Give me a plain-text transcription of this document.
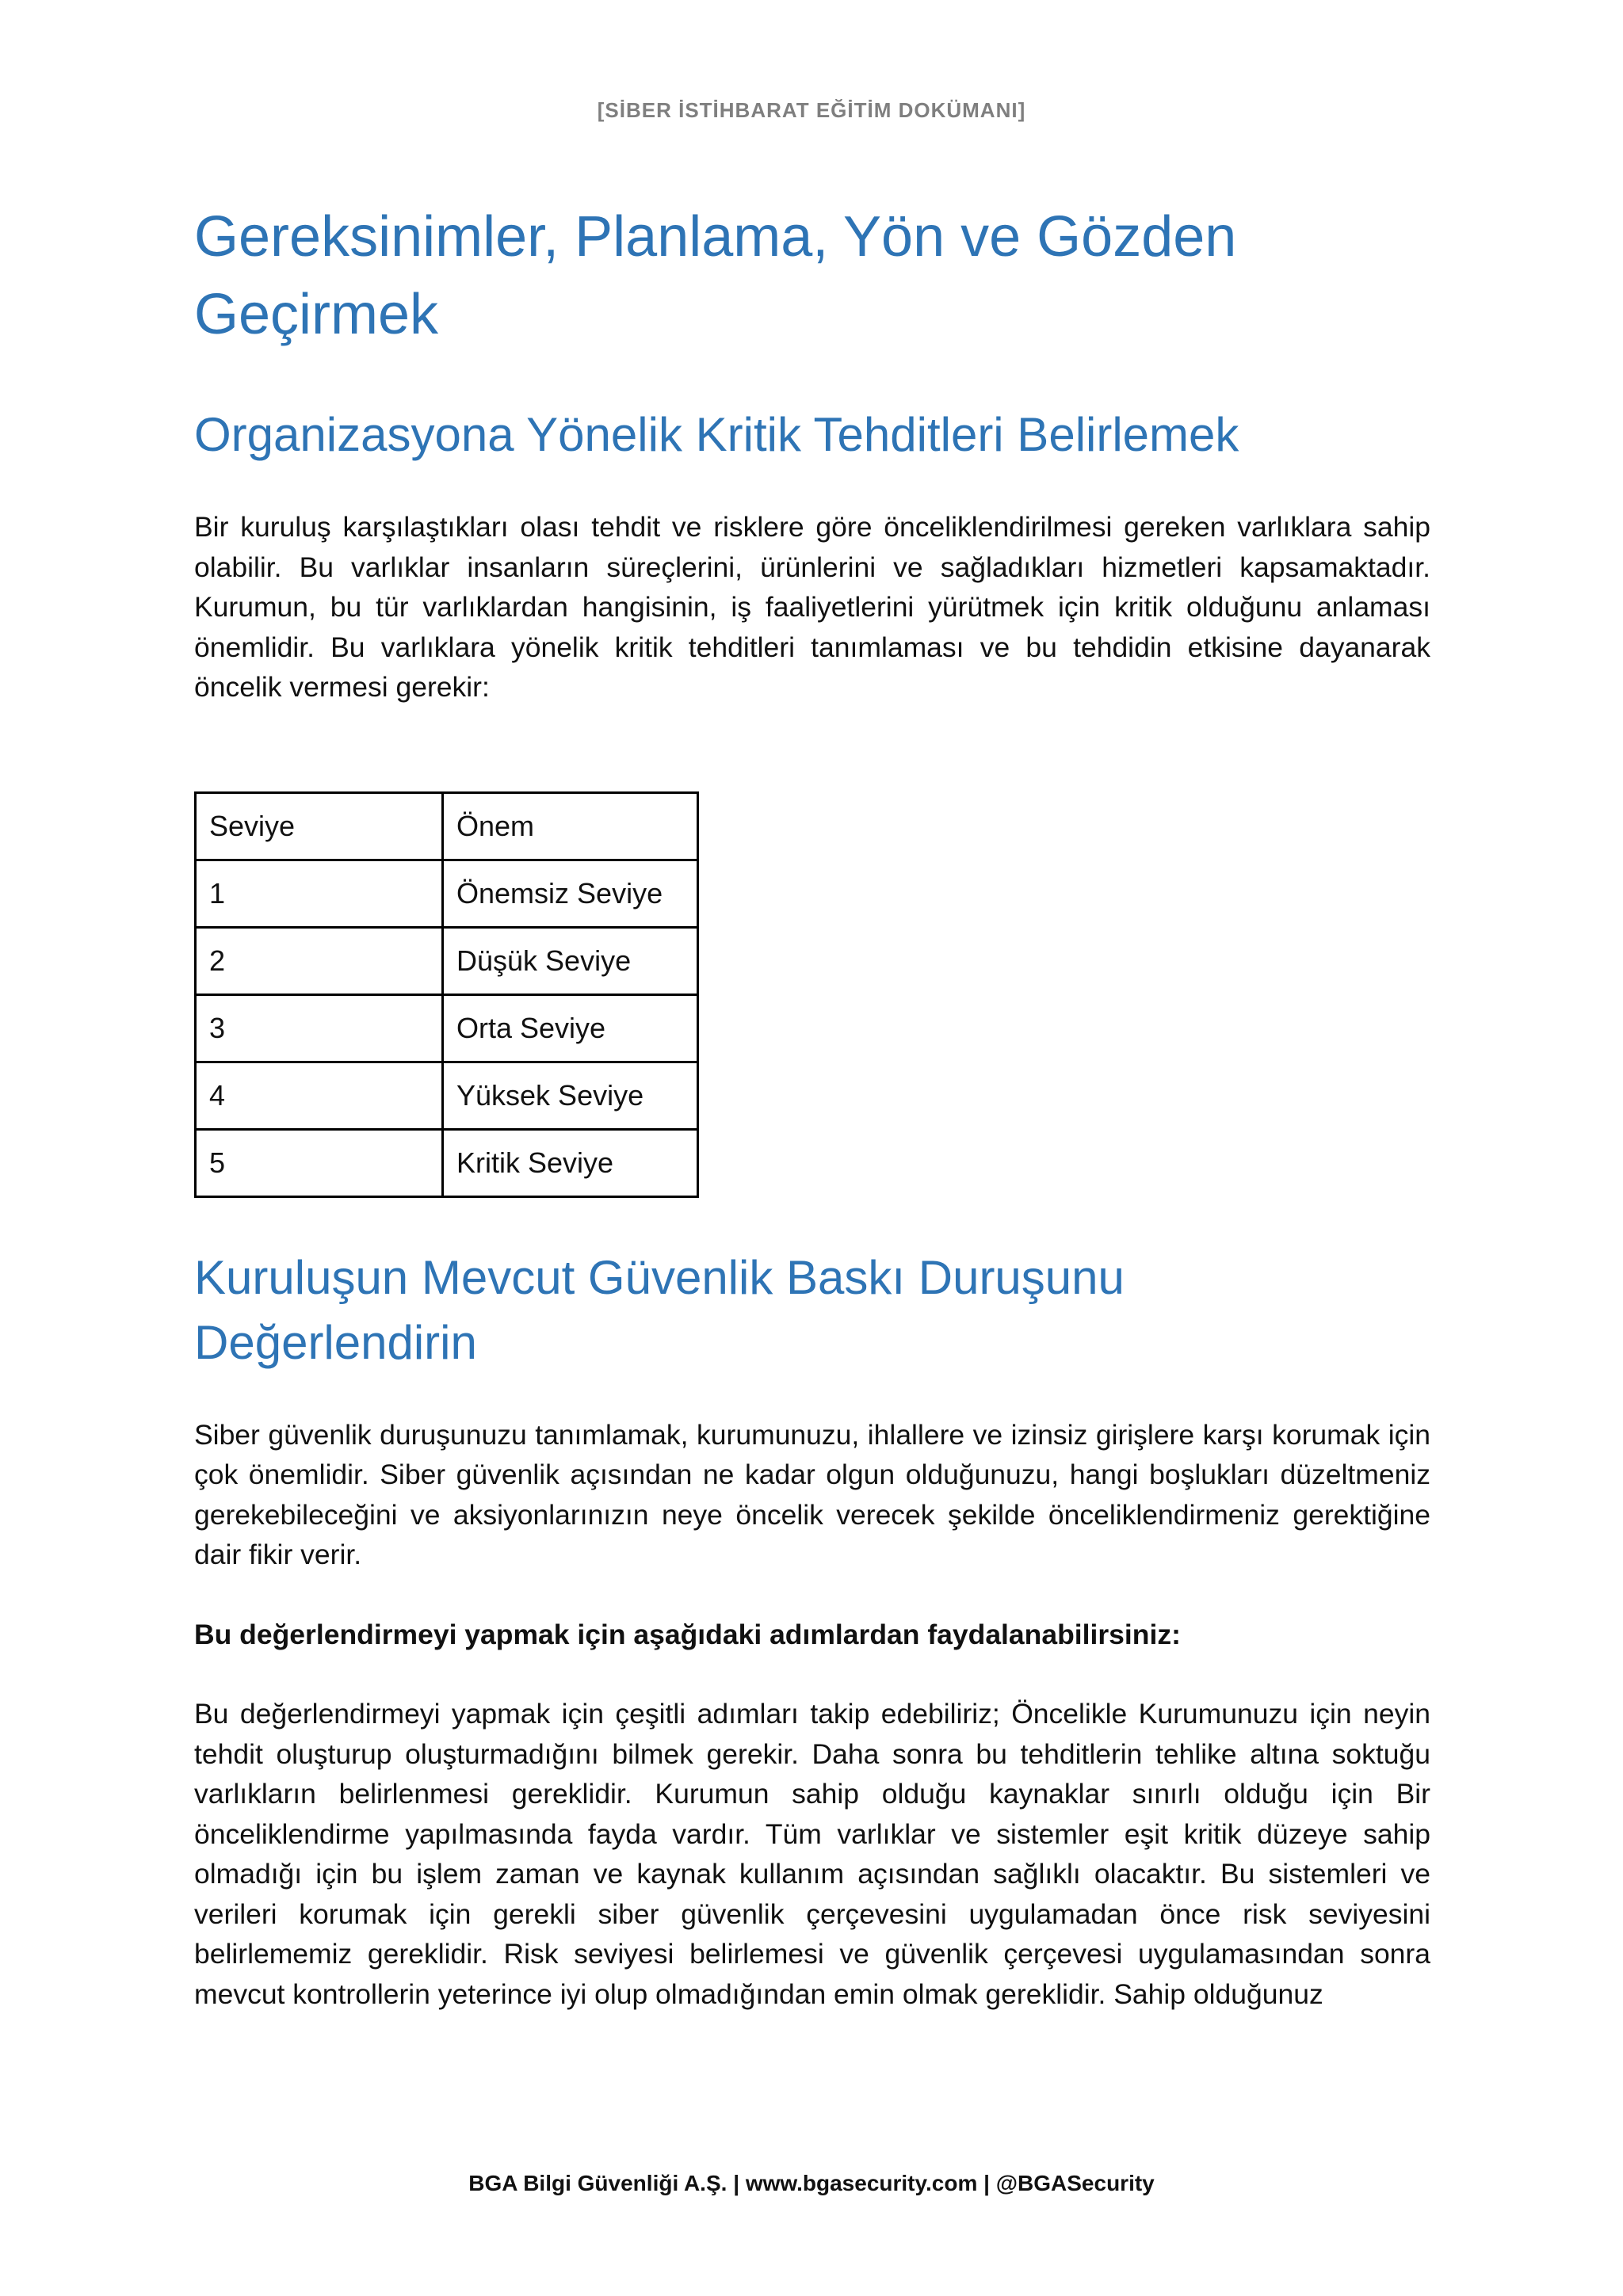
[SİBER İSTİHBARAT EĞİTİM DOKÜMANI]
Gereksinimler, Planlama, Yön ve Gözden Geçirmek
Organizasyona Yönelik Kritik Tehditleri Belirlemek

Bir kuruluş karşılaştıkları olası tehdit ve risklere göre önceliklendirilmesi gereken varlıklara sahip olabilir. Bu varlıklar insanların süreçlerini, ürünlerini ve sağladıkları hizmetleri kapsamaktadır. Kurumun, bu tür varlıklardan hangisinin, iş faaliyetlerini yürütmek için kritik olduğunu anlaması önemlidir. Bu varlıklara yönelik kritik tehditleri tanımlaması ve bu tehdidin etkisine dayanarak öncelik vermesi gerekir:

Seviye	Önem
1	Önemsiz Seviye
2	Düşük Seviye
3	Orta Seviye
4	Yüksek Seviye
5	Kritik Seviye
Kuruluşun Mevcut Güvenlik Baskı Duruşunu Değerlendirin

Siber güvenlik duruşunuzu tanımlamak, kurumunuzu, ihlallere ve izinsiz girişlere karşı korumak için çok önemlidir. Siber güvenlik açısından ne kadar olgun olduğunuzu, hangi boşlukları düzeltmeniz gerekebileceğini ve aksiyonlarınızın neye öncelik verecek şekilde önceliklendirmeniz gerektiğine dair fikir verir.

Bu değerlendirmeyi yapmak için aşağıdaki adımlardan faydalanabilirsiniz:

Bu değerlendirmeyi yapmak için çeşitli adımları takip edebiliriz; Öncelikle Kurumunuzu için neyin tehdit oluşturup oluşturmadığını bilmek gerekir. Daha sonra bu tehditlerin tehlike altına soktuğu varlıkların belirlenmesi gereklidir. Kurumun sahip olduğu kaynaklar sınırlı olduğu için Bir önceliklendirme yapılmasında fayda vardır. Tüm varlıklar ve sistemler eşit kritik düzeye sahip olmadığı için bu işlem zaman ve kaynak kullanım açısından sağlıklı olacaktır. Bu sistemleri ve verileri korumak için gerekli siber güvenlik çerçevesini uygulamadan önce risk seviyesini belirlememiz gereklidir. Risk seviyesi belirlemesi ve güvenlik çerçevesi uygulamasından sonra mevcut kontrollerin yeterince iyi olup olmadığından emin olmak gereklidir. Sahip olduğunuz

BGA Bilgi Güvenliği A.Ş. | www.bgasecurity.com | @BGASecurity
